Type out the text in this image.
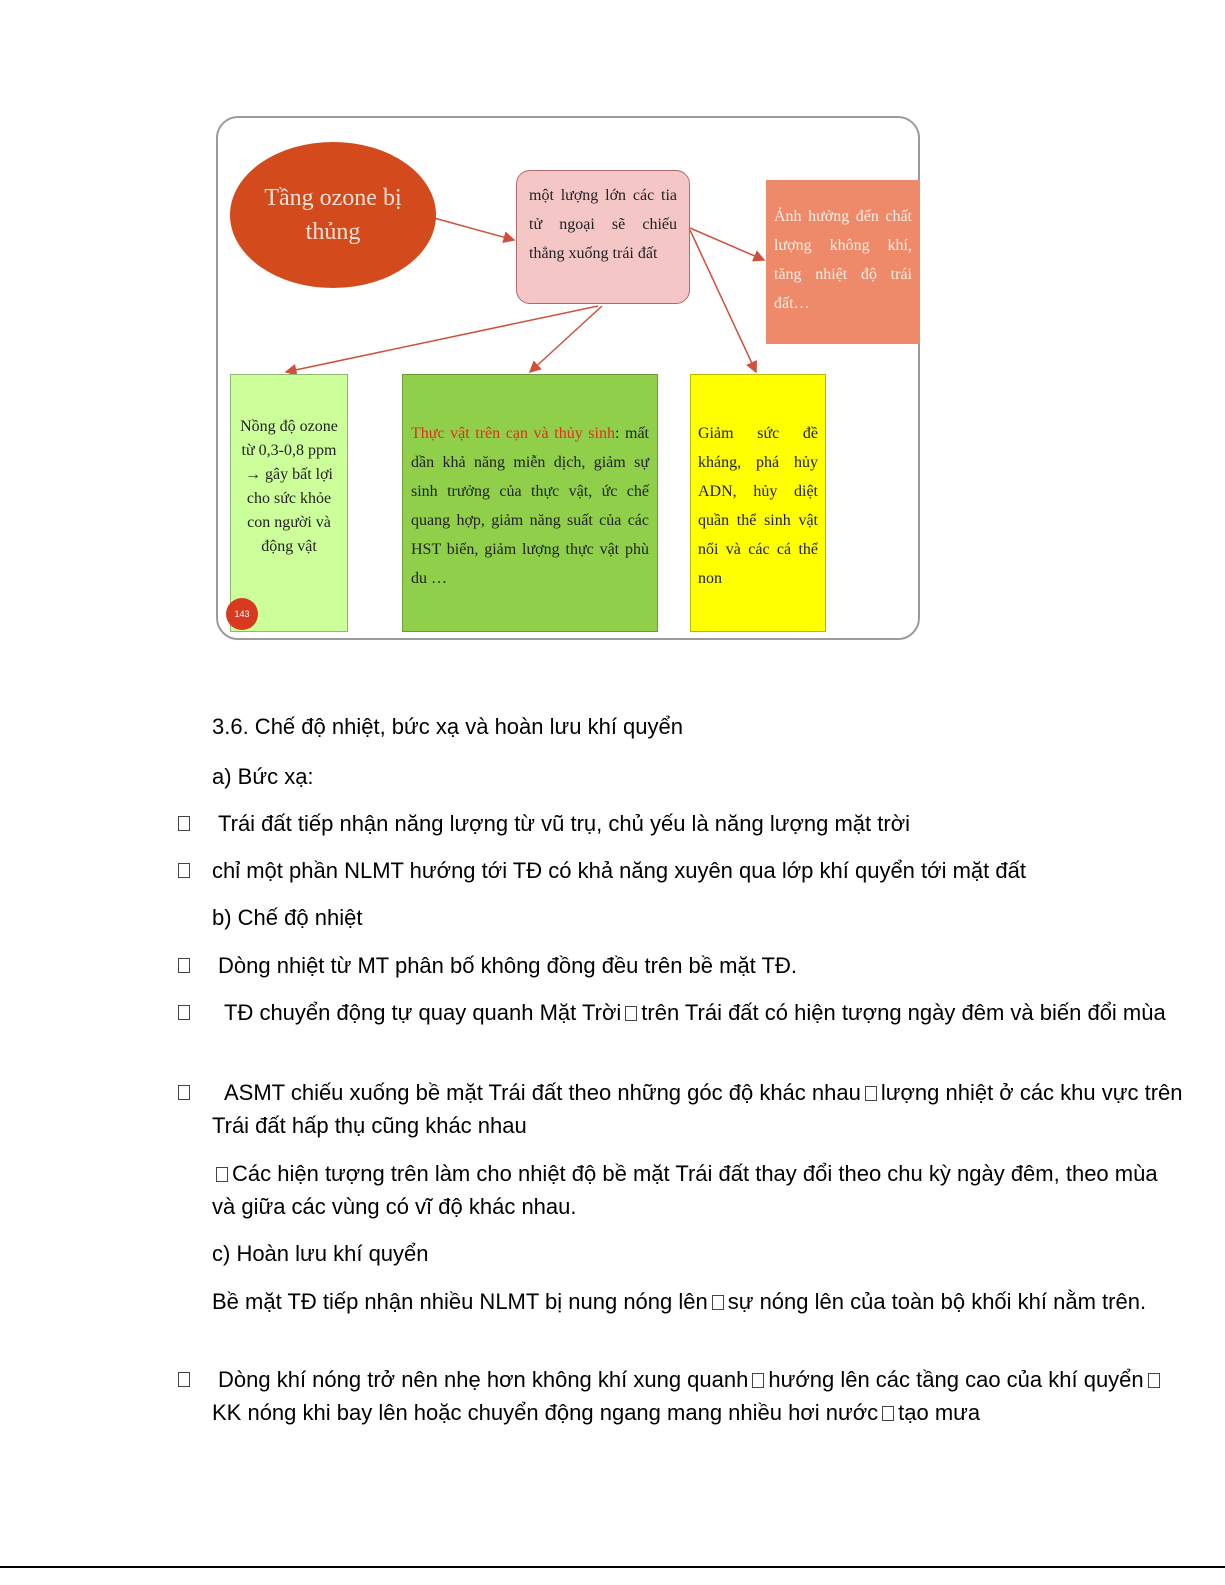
Tầng ozone bị thủng
một lượng lớn các tia tử ngoại sẽ chiếu thẳng xuống trái đất
Ảnh hưởng đến chất lượng không khí, tăng nhiệt độ trái đất…
Nồng độ ozone từ 0,3-0,8 ppm → gây bất lợi cho sức khỏe con người và động vật
Thực vật trên cạn và thủy sinh: mất dần khả năng miễn dịch, giảm sự sinh trưởng của thực vật, ức chế quang hợp, giảm năng suất của các HST biển, giảm lượng thực vật phù du …
Giảm sức đề kháng, phá hủy ADN, hủy diệt quần thể sinh vật nổi và các cá thể non
143
3.6. Chế độ nhiệt, bức xạ và hoàn lưu khí quyển
a) Bức xạ:
Trái đất tiếp nhận năng lượng từ vũ trụ, chủ yếu là năng lượng mặt trời
chỉ một phần NLMT hướng tới TĐ có khả năng xuyên qua lớp khí quyển tới mặt đất
b) Chế độ nhiệt
Dòng nhiệt từ MT phân bố không đồng đều trên bề mặt TĐ.
TĐ chuyển động tự quay quanh Mặt Trời trên Trái đất có hiện tượng ngày đêm và biến đổi mùa
ASMT chiếu xuống bề mặt Trái đất theo những góc độ khác nhau lượng nhiệt ở các khu vực trên Trái đất hấp thụ cũng khác nhau
Các hiện tượng trên làm cho nhiệt độ bề mặt Trái đất thay đổi theo chu kỳ ngày đêm, theo mùa và giữa các vùng có vĩ độ khác nhau.
c) Hoàn lưu khí quyển
Bề mặt TĐ tiếp nhận nhiều NLMT bị nung nóng lên sự nóng lên của toàn bộ khối khí nằm trên.
Dòng khí nóng trở nên nhẹ hơn không khí xung quanh hướng lên các tầng cao của khí quyểnKK nóng khi bay lên hoặc chuyển động ngang mang nhiều hơi nước tạo mưa
